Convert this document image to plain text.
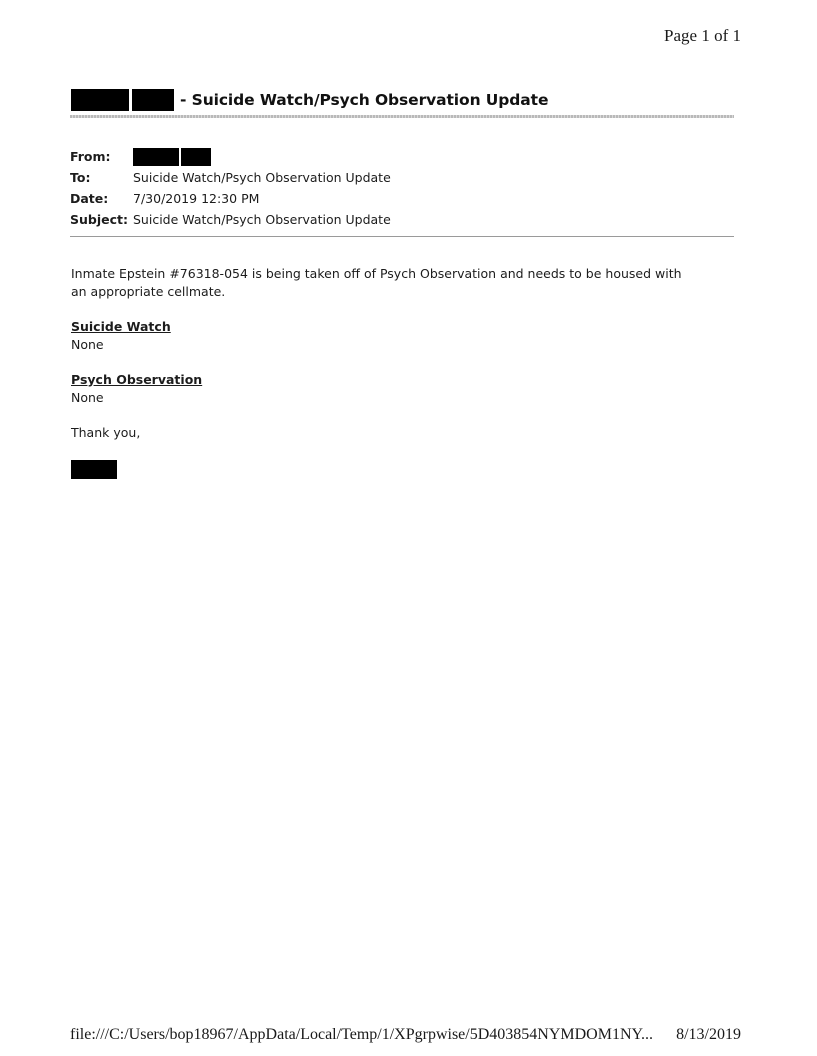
Page 1 of 1
- Suicide Watch/Psych Observation Update
From:
To:	Suicide Watch/Psych Observation Update
Date:	7/30/2019 12:30 PM
Subject: Suicide Watch/Psych Observation Update

Inmate Epstein #76318-054 is being taken off of Psych Observation and needs to be housed with an appropriate cellmate.

Suicide Watch
None
Psych Observation
None
Thank you,
file:///C:/Users/bop18967/AppData/Local/Temp/1/XPgrpwise/5D403854NYMDOM1NY... 8/13/2019
